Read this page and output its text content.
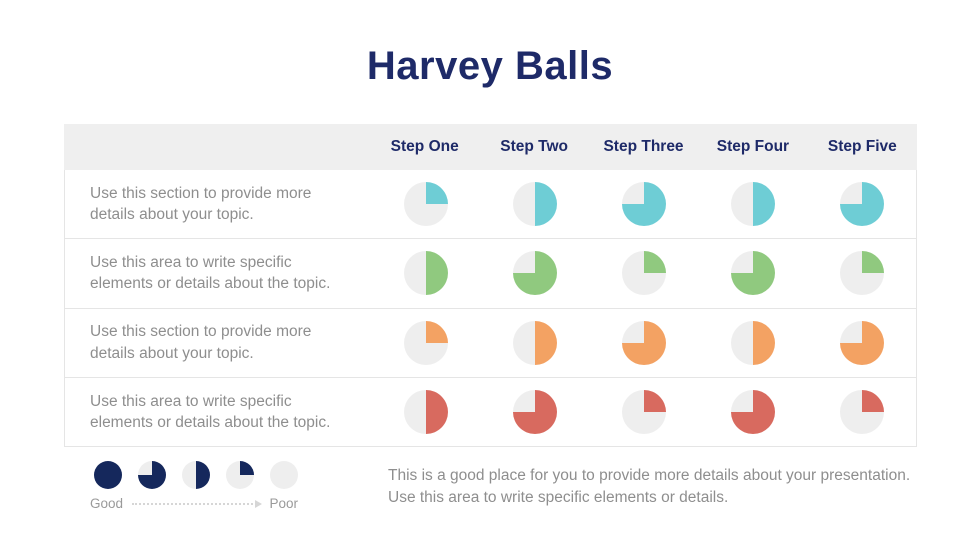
Harvey Balls
Step One	Step Two	Step Three	Step Four	Step Five
Use this section to provide more details about your topic.
Use this area to write specific elements or details about the topic.
Use this section to provide more details about your topic.
Use this area to write specific elements or details about the topic.
Good	Poor

This is a good place for you to provide more details about your presentation. Use this area to write specific elements or details.
